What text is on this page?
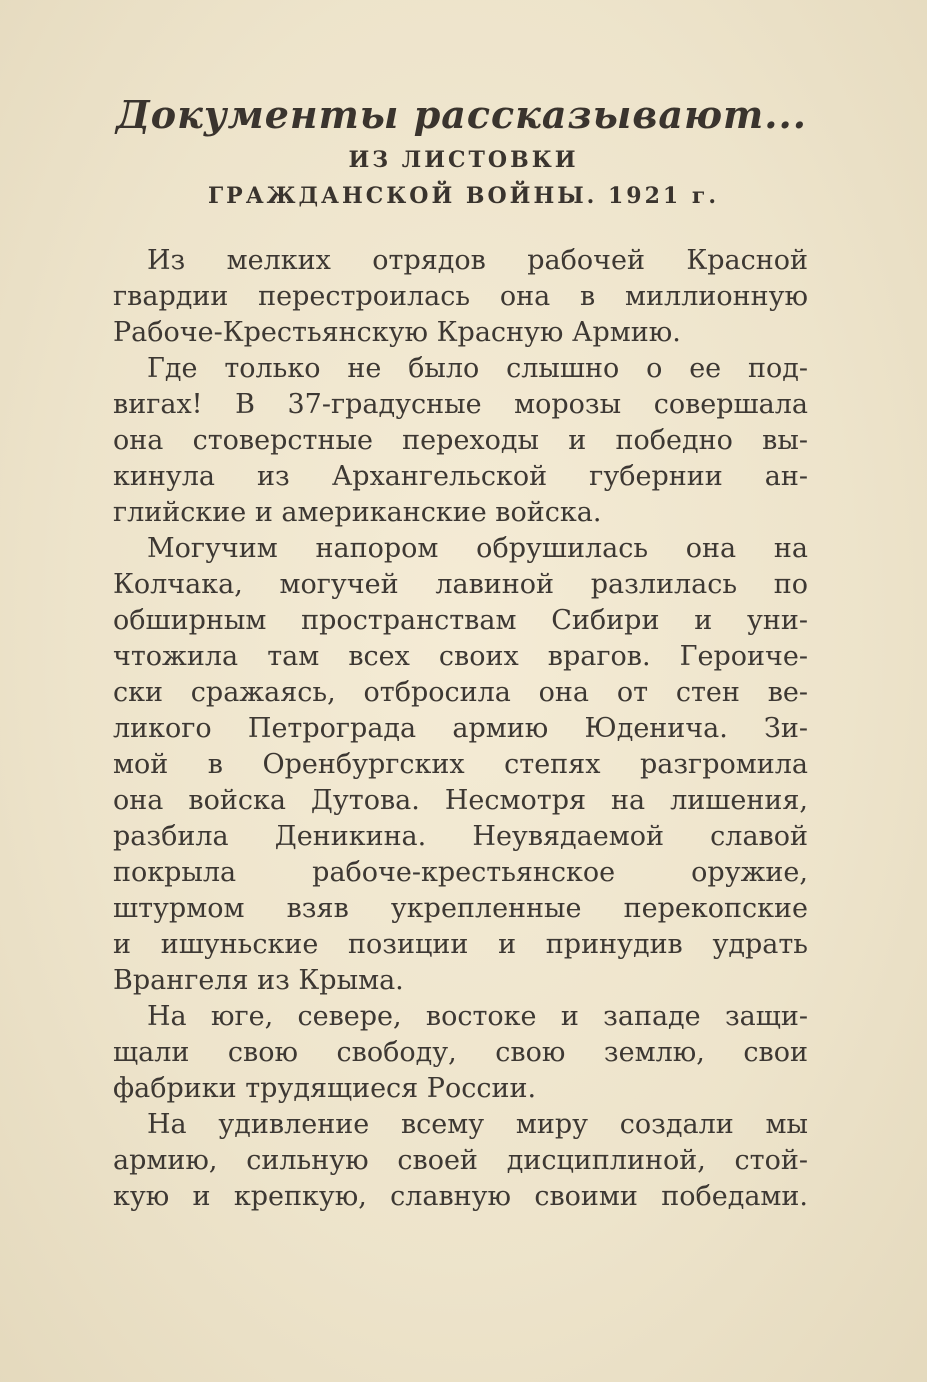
Документы рассказывают...
ИЗ ЛИСТОВКИ
ГРАЖДАНСКОЙ ВОЙНЫ. 1921 г.

Из мелких отрядов рабочей Красной
гвардии перестроилась она в миллионную
Рабоче-Крестьянскую Красную Армию.

Где только не было слышно о ее под-
вигах! В 37-градусные морозы совершала
она стоверстные переходы и победно вы-
кинула из Архангельской губернии ан-
глийские и американские войска.

Могучим напором обрушилась она на
Колчака, могучей лавиной разлилась по
обширным пространствам Сибири и уни-
чтожила там всех своих врагов. Героиче-
ски сражаясь, отбросила она от стен ве-
ликого Петрограда армию Юденича. Зи-
мой в Оренбургских степях разгромила
она войска Дутова. Несмотря на лишения,
разбила Деникина. Неувядаемой славой
покрыла рабоче-крестьянское оружие,
штурмом взяв укрепленные перекопские
и ишуньские позиции и принудив удрать
Врангеля из Крыма.

На юге, севере, востоке и западе защи-
щали свою свободу, свою землю, свои
фабрики трудящиеся России.

На удивление всему миру создали мы
армию, сильную своей дисциплиной, стой-
кую и крепкую, славную своими победами.
